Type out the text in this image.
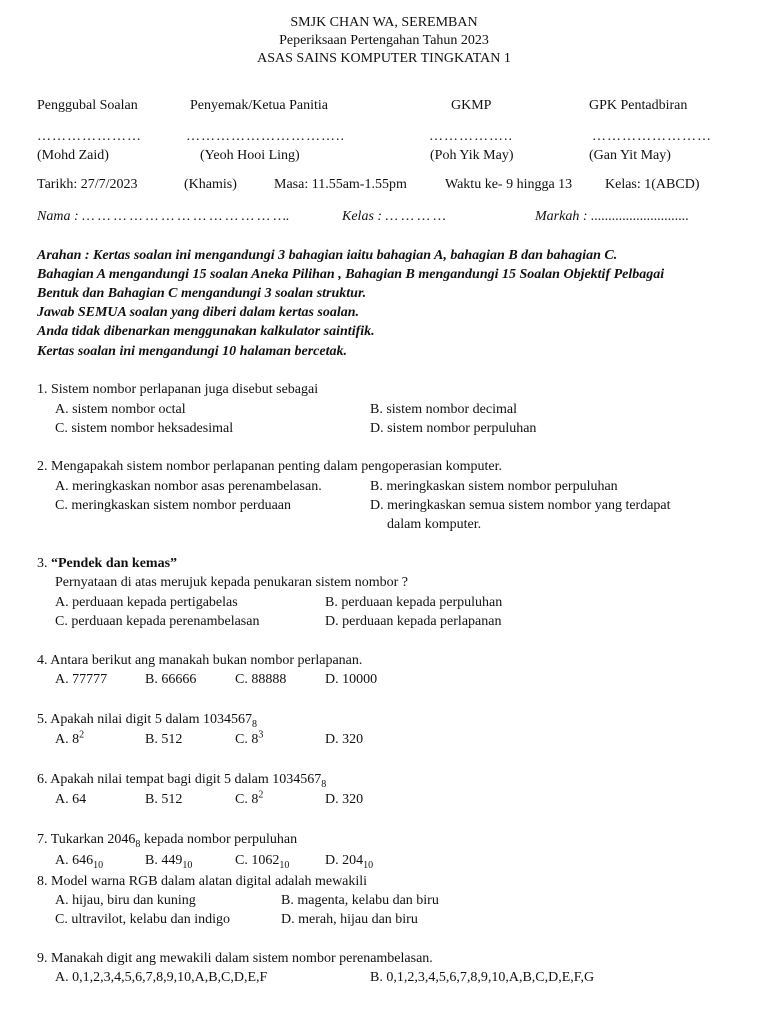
SMJK CHAN WA, SEREMBAN
Peperiksaan Pertengahan Tahun 2023
ASAS SAINS KOMPUTER TINGKATAN 1
Penggubal Soalan	Penyemak/Ketua Panitia	GKMP	GPK Pentadbiran
…………………	…………………………..	……………..	……………………
(Mohd Zaid)	(Yeoh Hooi Ling)	(Poh Yik May)	(Gan Yit May)
Tarikh: 27/7/2023	(Khamis)	Masa: 11.55am-1.55pm	Waktu ke- 9 hingga 13 Kelas: 1(ABCD)
Nama : … … … … … … … … … … … … ….	Kelas : … … … …	Markah : ............................
Arahan : Kertas soalan ini mengandungi 3 bahagian iaitu bahagian A, bahagian B dan bahagian C.
Bahagian A mengandungi 15 soalan Aneka Pilihan , Bahagian B mengandungi 15 Soalan Objektif Pelbagai
Bentuk dan Bahagian C mengandungi 3 soalan struktur.
Jawab SEMUA soalan yang diberi dalam kertas soalan.
Anda tidak dibenarkan menggunakan kalkulator saintifik.
Kertas soalan ini mengandungi 10 halaman bercetak.
1. Sistem nombor perlapanan juga disebut sebagai
A. sistem nombor octal	B. sistem nombor decimal
C. sistem nombor heksadesimal	D. sistem nombor perpuluhan
2. Mengapakah sistem nombor perlapanan penting dalam pengoperasian komputer.
A. meringkaskan nombor asas perenambelasan.	B. meringkaskan sistem nombor perpuluhan
C. meringkaskan sistem nombor perduaan	D. meringkaskan semua sistem nombor yang terdapat
dalam komputer.
3. “Pendek dan kemas”
Pernyataan di atas merujuk kepada penukaran sistem nombor ?
A. perduaan kepada pertigabelas	B. perduaan kepada perpuluhan
C. perduaan kepada perenambelasan	D. perduaan kepada perlapanan
4. Antara berikut ang manakah bukan nombor perlapanan.
A. 77777	B. 66666	C. 88888	D. 10000
5. Apakah nilai digit 5 dalam $1034567_8$
A. $8^2$	B. 512	C. $8^3$	D. 320
6. Apakah nilai tempat bagi digit 5 dalam $1034567_8$
A. 64	B. 512	C. $8^2$	D. 320
7. Tukarkan $2046_8$ kepada nombor perpuluhan
A. $646_{10}$	B. $449_{10}$	C. $1062_{10}$	D. $204_{10}$
8. Model warna RGB dalam alatan digital adalah mewakili
A. hijau, biru dan kuning	B. magenta, kelabu dan biru
C. ultravilot, kelabu dan indigo	D. merah, hijau dan biru
9. Manakah digit ang mewakili dalam sistem nombor perenambelasan.
A. 0,1,2,3,4,5,6,7,8,9,10,A,B,C,D,E,F	B. 0,1,2,3,4,5,6,7,8,9,10,A,B,C,D,E,F,G
